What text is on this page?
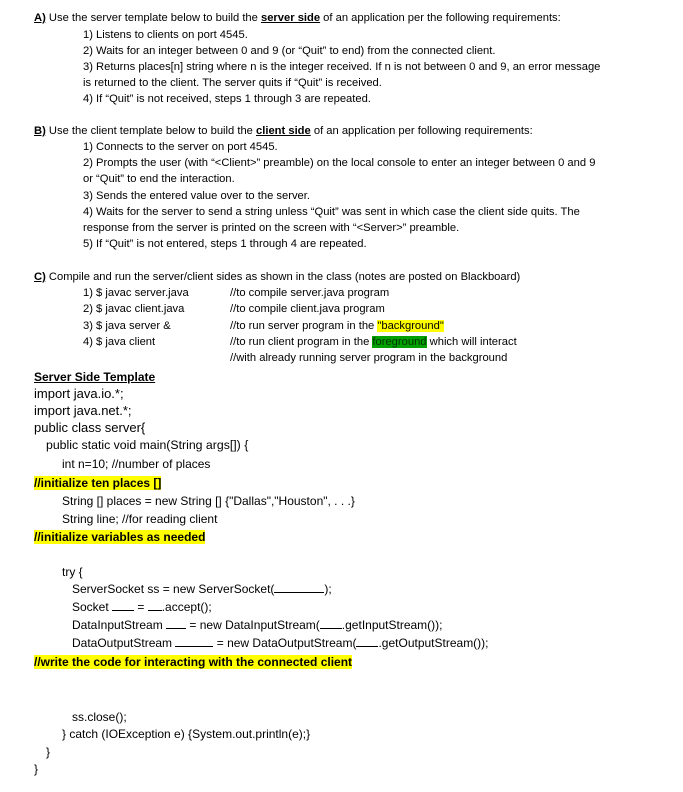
A) Use the server template below to build the server side of an application per the following requirements:
1) Listens to clients on port 4545.
2) Waits for an integer between 0 and 9 (or “Quit” to end) from the connected client.
3) Returns places[n] string where n is the integer received. If n is not between 0 and 9, an error message
is returned to the client. The server quits if “Quit” is received.
4) If “Quit” is not received, steps 1 through 3 are repeated.
B) Use the client template below to build the client side of an application per following requirements:
1) Connects to the server on port 4545.
2) Prompts the user (with “<Client>” preamble) on the local console to enter an integer between 0 and 9
or “Quit” to end the interaction.
3) Sends the entered value over to the server.
4) Waits for the server to send a string unless “Quit” was sent in which case the client side quits. The
response from the server is printed on the screen with “<Server>” preamble.
5) If “Quit” is not entered, steps 1 through 4 are repeated.
C) Compile and run the server/client sides as shown in the class (notes are posted on Blackboard)
1) $ javac server.java
2) $ javac client.java
3) $ java server &
4) $ java client
//to compile server.java program
//to compile client.java program
//to run server program in the "background"
//to run client program in the foreground which will interact
//with already running server program in the background
Server Side Template
import java.io.*;
import java.net.*;
public class server{
public static void main(String args[]) {
int n=10; //number of places
//initialize ten places []
String [] places = new String [] {"Dallas","Houston", . . .}
String line; //for reading client
//initialize variables as needed
try {
ServerSocket ss = new ServerSocket(	);
Socket  = .accept();
DataInputStream  = new DataInputStream( .getInputStream());
DataOutputStream	= new DataOutputStream( .getOutputStream());
//write the code for interacting with the connected client
ss.close();
} catch (IOException e) {System.out.println(e);}
}
}
